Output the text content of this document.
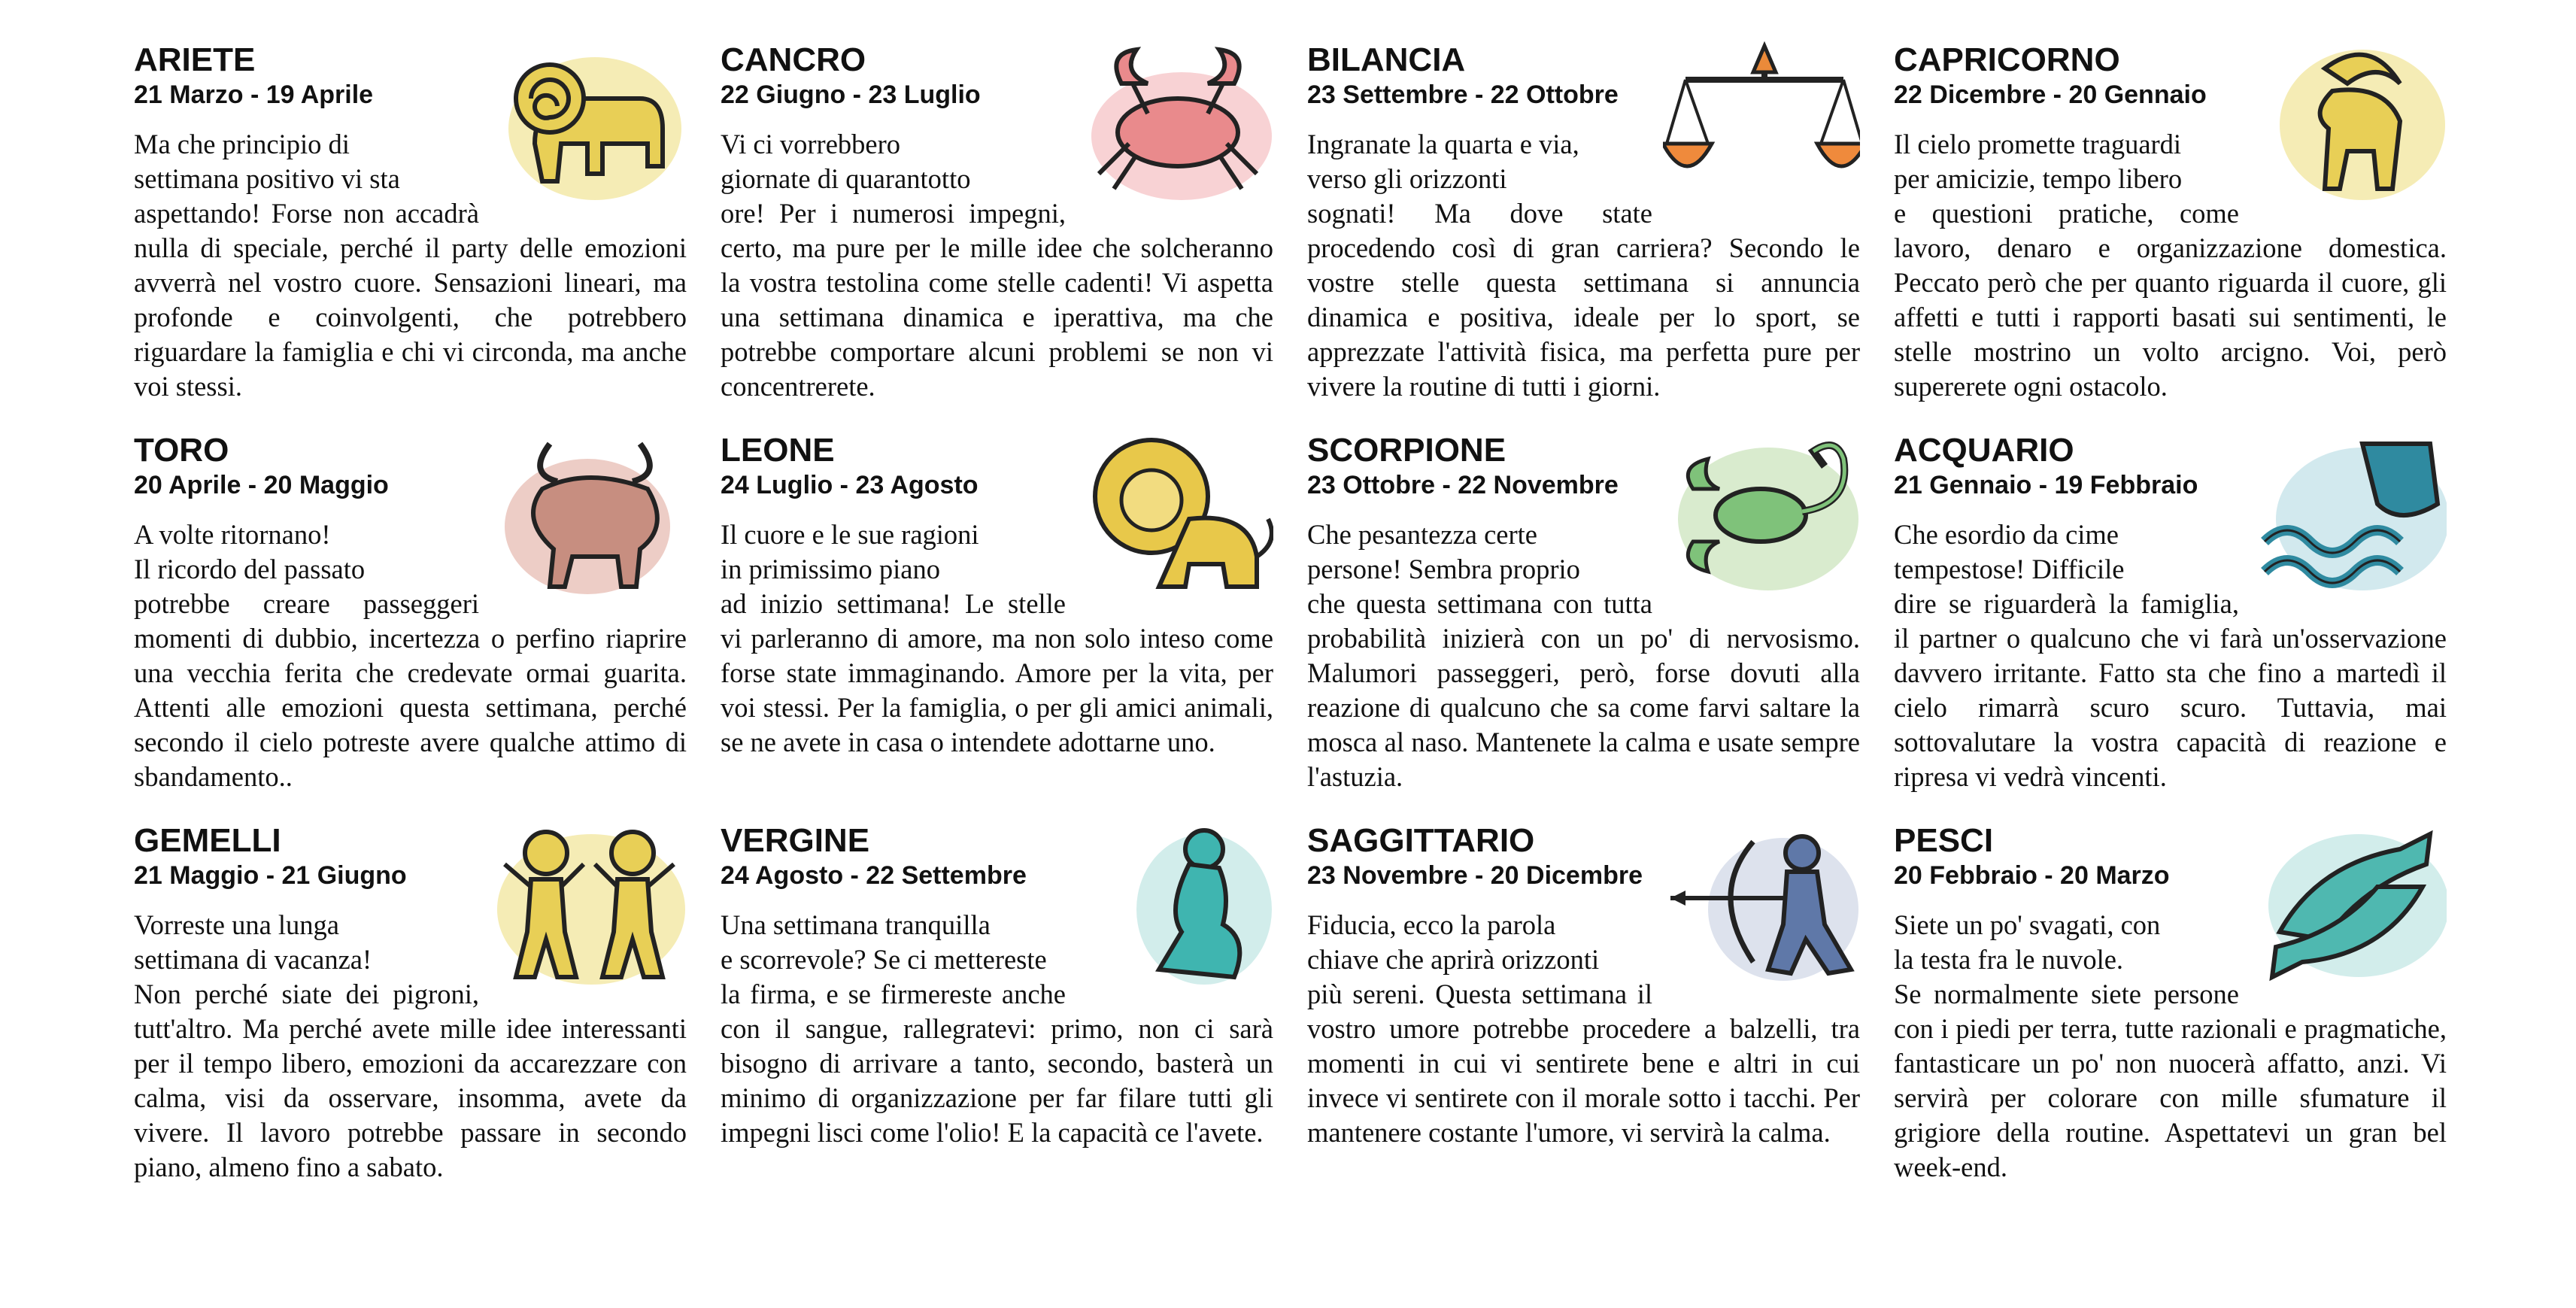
ARIETE
21 Marzo - 19 Aprile

Ma che principio di
settimana positivo vi sta
aspettando! Forse non accadrà nulla di speciale, perché il party delle emozioni avverrà nel vostro cuore. Sensazioni lineari, ma profonde e coinvolgenti, che potrebbero riguardare la famiglia e chi vi circonda, ma anche voi stessi.

CANCRO
22 Giugno - 23 Luglio

Vi ci vorrebbero
giornate di quarantotto
ore! Per i numerosi impegni, certo, ma pure per le mille idee che solcheranno la vostra testolina come stelle cadenti! Vi aspetta una settimana dinamica e iperattiva, ma che potrebbe comportare alcuni problemi se non vi concentrerete.

BILANCIA
23 Settembre - 22 Ottobre

Ingranate la quarta e via,
verso gli orizzonti
sognati! Ma dove state procedendo così di gran carriera? Secondo le vostre stelle questa settimana si annuncia dinamica e positiva, ideale per lo sport, se apprezzate l'attività fisica, ma perfetta pure per vivere la routine di tutti i giorni.

CAPRICORNO
22 Dicembre - 20 Gennaio

Il cielo promette traguardi
per amicizie, tempo libero
e questioni pratiche, come lavoro, denaro e organizzazione domestica. Peccato però che per quanto riguarda il cuore, gli affetti e tutti i rapporti basati sui sentimenti, le stelle mostrino un volto arcigno. Voi, però supererete ogni ostacolo.

TORO
20 Aprile - 20 Maggio

A volte ritornano!
Il ricordo del passato
potrebbe creare passeggeri momenti di dubbio, incertezza o perfino riaprire una vecchia ferita che credevate ormai guarita. Attenti alle emozioni questa settimana, perché secondo il cielo potreste avere qualche attimo di sbandamento..

LEONE
24 Luglio - 23 Agosto

Il cuore e le sue ragioni
in primissimo piano
ad inizio settimana! Le stelle vi parleranno di amore, ma non solo inteso come forse state immaginando. Amore per la vita, per voi stessi. Per la famiglia, o per gli amici animali, se ne avete in casa o intendete adottarne uno.

SCORPIONE
23 Ottobre - 22 Novembre

Che pesantezza certe
persone! Sembra proprio
che questa settimana con tutta probabilità inizierà con un po' di nervosismo. Malumori passeggeri, però, forse dovuti alla reazione di qualcuno che sa come farvi saltare la mosca al naso. Mantenete la calma e usate sempre l'astuzia.

ACQUARIO
21 Gennaio - 19 Febbraio

Che esordio da cime
tempestose! Difficile
dire se riguarderà la famiglia, il partner o qualcuno che vi farà un'osservazione davvero irritante. Fatto sta che fino a martedì il cielo rimarrà scuro scuro. Tuttavia, mai sottovalutare la vostra capacità di reazione e ripresa vi vedrà vincenti.

GEMELLI
21 Maggio - 21 Giugno

Vorreste una lunga
settimana di vacanza!
Non perché siate dei pigroni, tutt'altro. Ma perché avete mille idee interessanti per il tempo libero, emozioni da accarezzare con calma, visi da osservare, insomma, avete da vivere. Il lavoro potrebbe passare in secondo piano, almeno fino a sabato.

VERGINE
24 Agosto - 22 Settembre

Una settimana tranquilla
e scorrevole? Se ci mettereste
la firma, e se firmereste anche con il sangue, rallegratevi: primo, non ci sarà bisogno di arrivare a tanto, secondo, basterà un minimo di organizzazione per far filare tutti gli impegni lisci come l'olio! E la capacità ce l'avete.

SAGGITTARIO
23 Novembre - 20 Dicembre

Fiducia, ecco la parola
chiave che aprirà orizzonti
più sereni. Questa settimana il vostro umore potrebbe procedere a balzelli, tra momenti in cui vi sentirete bene e altri in cui invece vi sentirete con il morale sotto i tacchi. Per mantenere costante l'umore, vi servirà la calma.

PESCI
20 Febbraio - 20 Marzo

Siete un po' svagati, con
la testa fra le nuvole.
Se normalmente siete persone con i piedi per terra, tutte razionali e pragmatiche, fantasticare un po' non nuocerà affatto, anzi. Vi servirà per colorare con mille sfumature il grigiore della routine. Aspettatevi un gran bel week-end.
